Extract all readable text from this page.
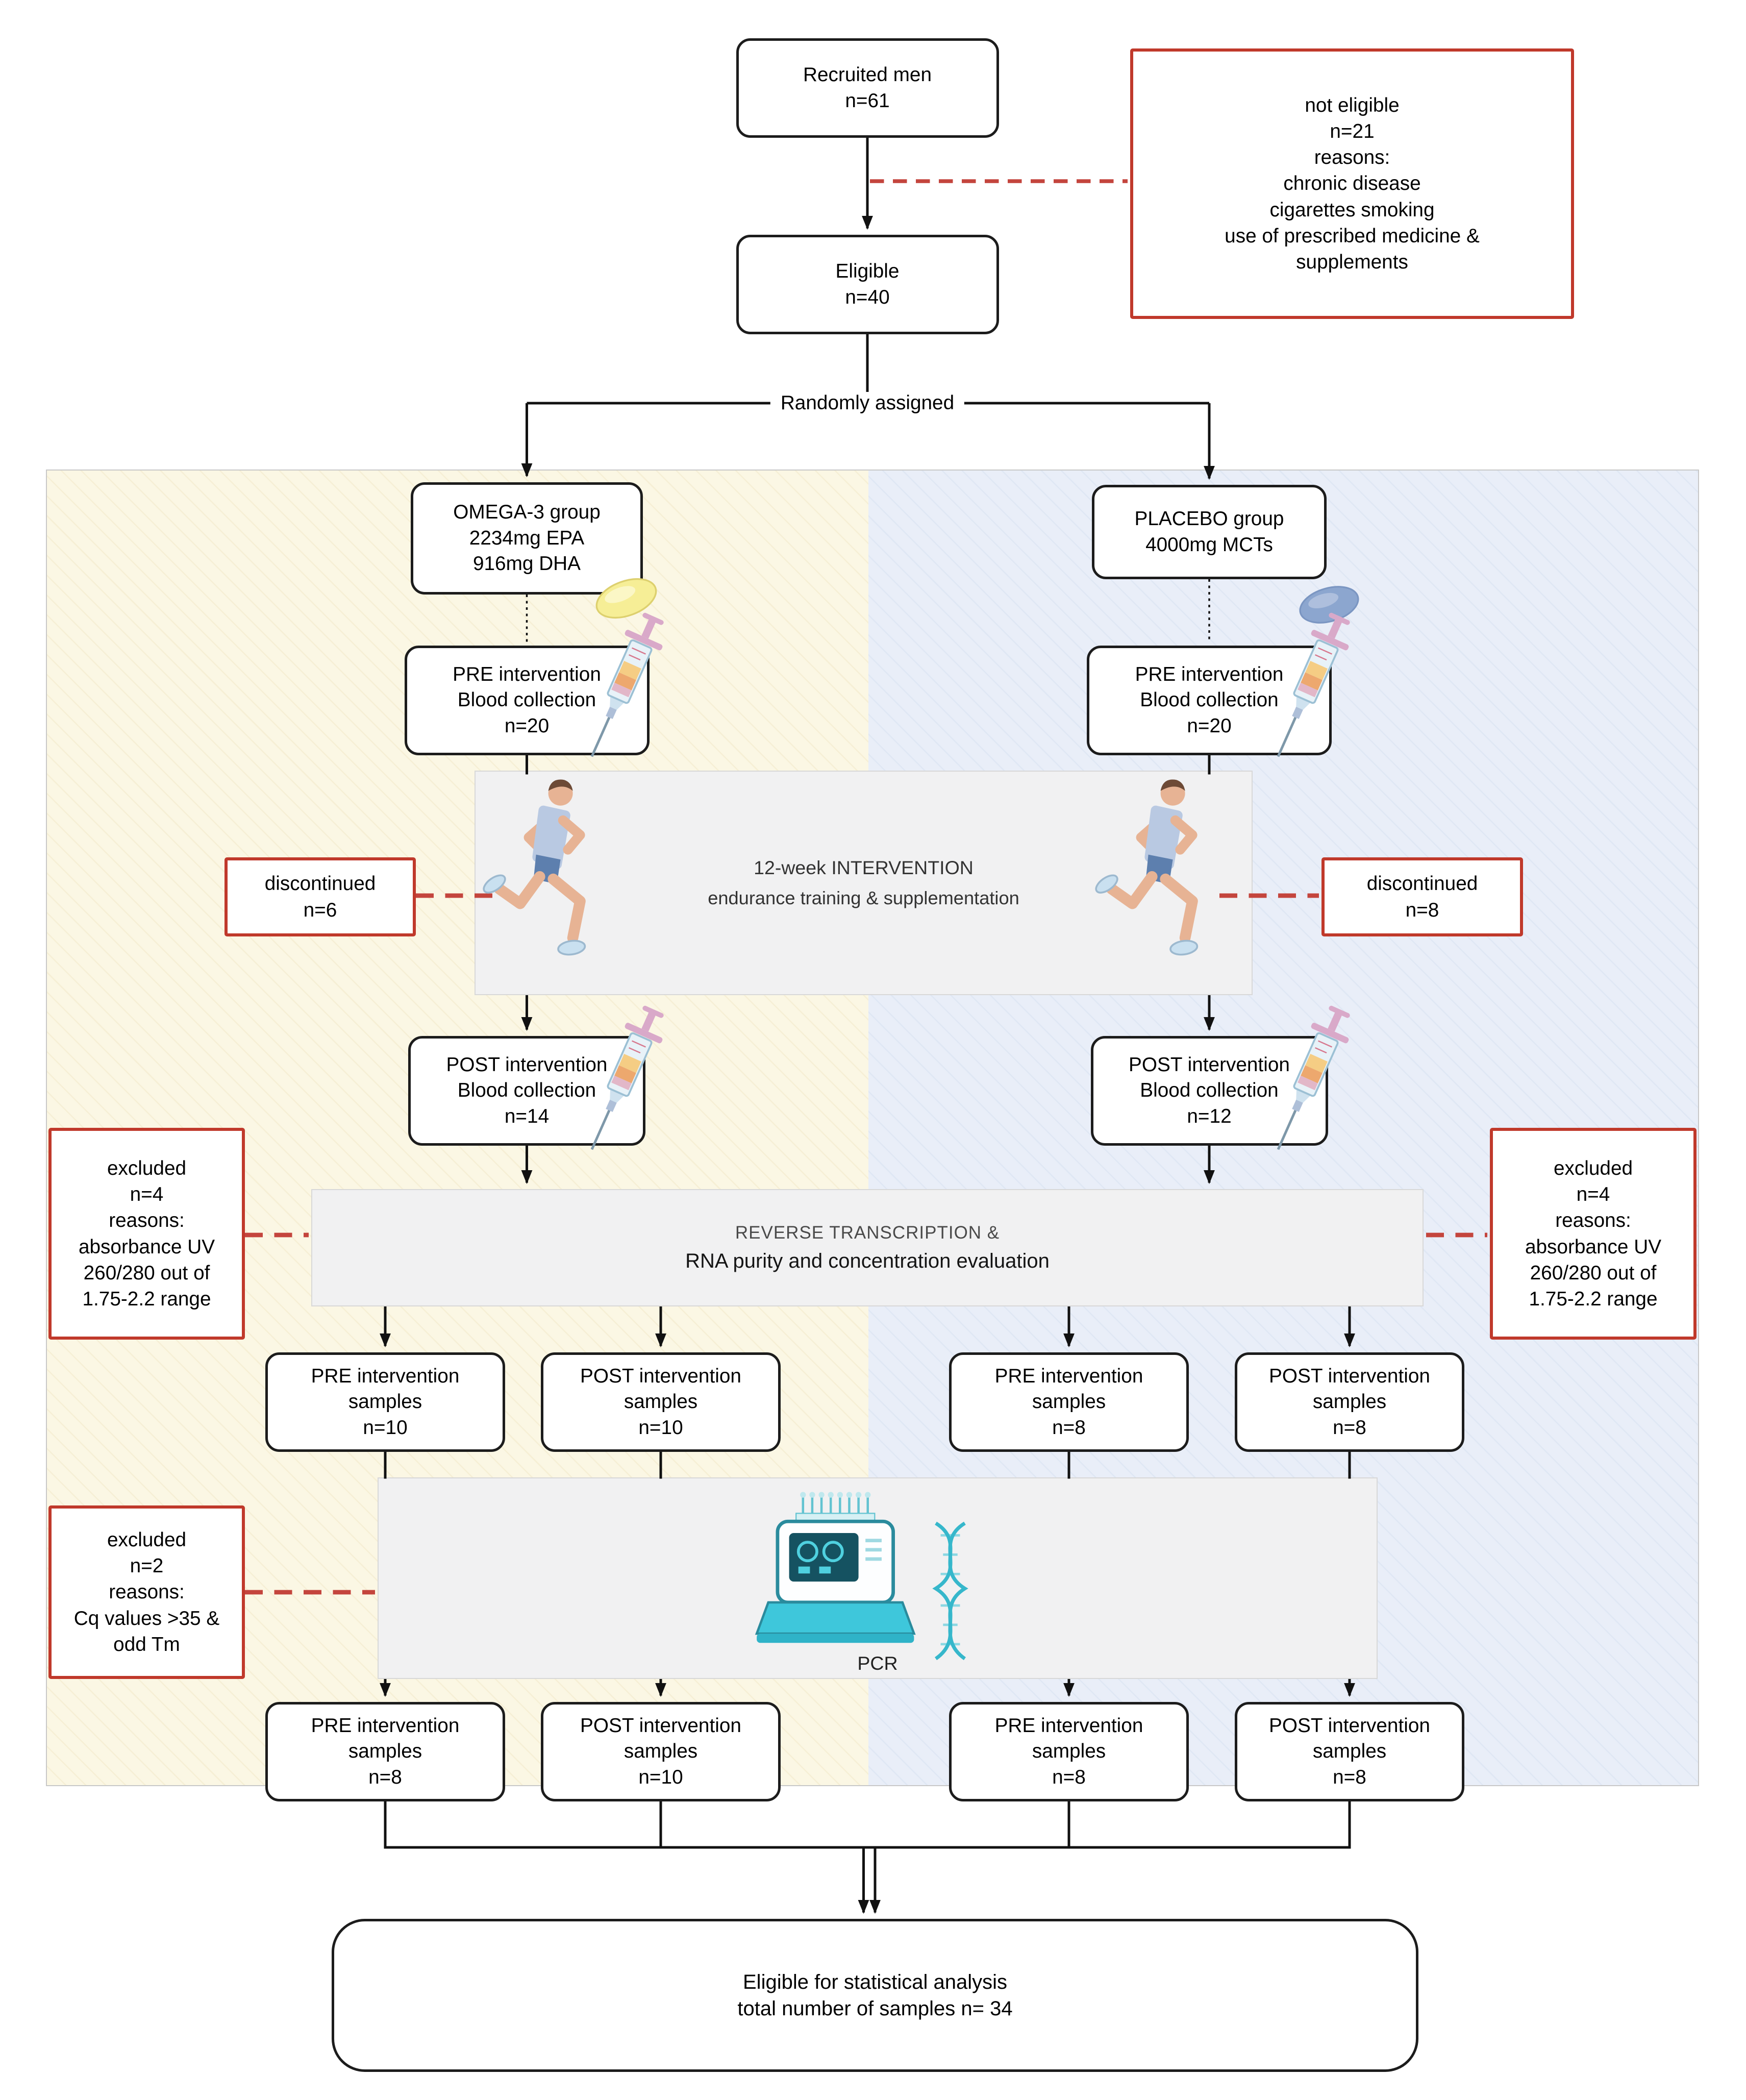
Recruited men
n=61	not eligible
n=21
reasons:
chronic disease
cigarettes smoking
use of prescribed medicine &
supplements
Eligible
n=40
Randomly assigned
OMEGA-3 group
2234mg EPA
916mg DHA
PLACEBO group
4000mg MCTs
PRE intervention
Blood collection
n=20
PRE intervention
Blood collection
n=20
12-week INTERVENTION
endurance training & supplementation
discontinued
n=6
discontinued
n=8
POST intervention
Blood collection
n=14
POST intervention
Blood collection
n=12
REVERSE TRANSCRIPTION &
RNA purity and concentration evaluation
excluded
n=4
reasons:
absorbance UV
260/280 out of
1.75-2.2 range
excluded
n=4
reasons:
absorbance UV
260/280 out of
1.75-2.2 range
PRE intervention
samples
n=10
POST intervention
samples
n=10
PRE intervention
samples
n=8
POST intervention
samples
n=8
PCR
excluded
n=2
reasons:
Cq values >35 &
odd Tm
PRE intervention
samples
n=8
POST intervention
samples
n=10
PRE intervention
samples
n=8
POST intervention
samples
n=8
Eligible for statistical analysis
total number of samples n= 34
